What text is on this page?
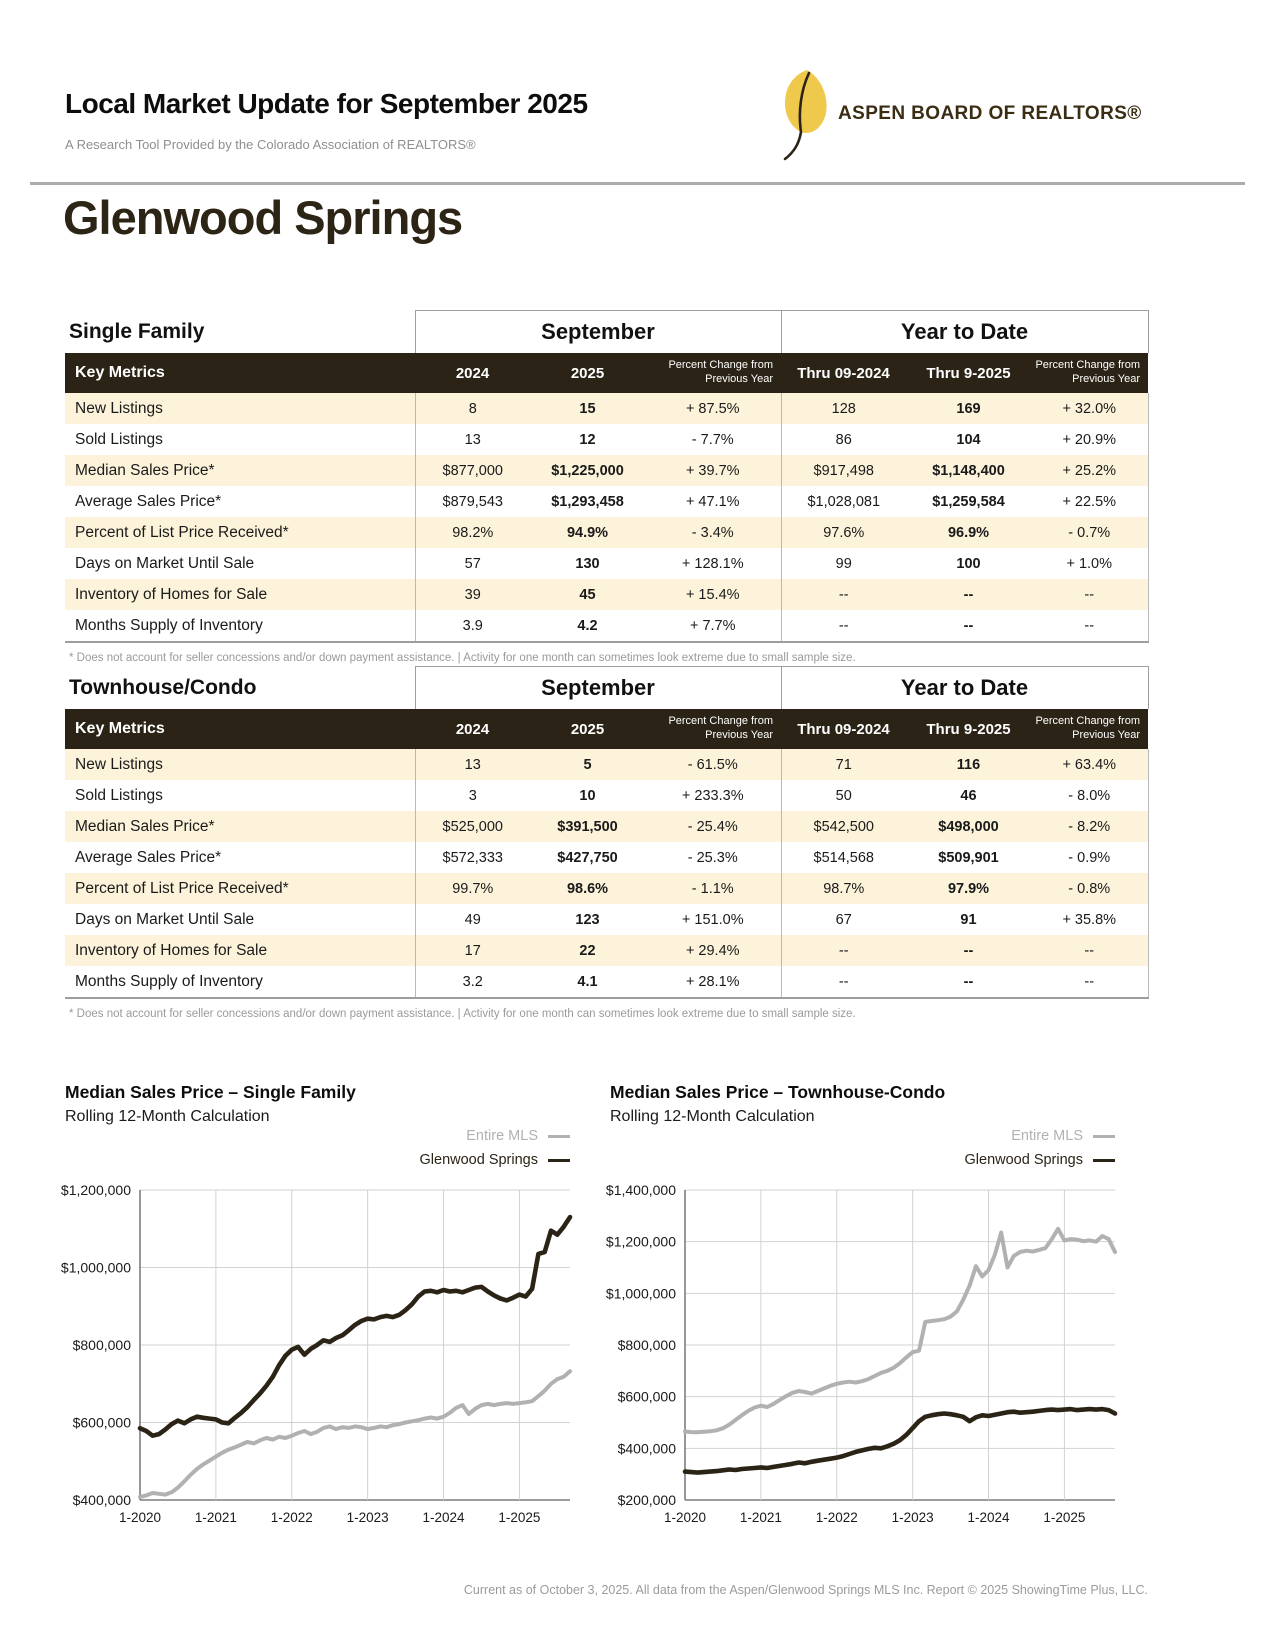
Local Market Update for September 2025
A Research Tool Provided by the Colorado Association of REALTORS®
ASPEN BOARD OF REALTORS®
Glenwood Springs
Single Family	September			Year to Date		
Key Metrics	2024	2025	Percent Change from Previous Year	Thru 09-2024	Thru 9-2025	Percent Change from Previous Year
New Listings	8	15	+ 87.5%	128	169	+ 32.0%
Sold Listings	13	12	- 7.7%	86	104	+ 20.9%
Median Sales Price*	$877,000	$1,225,000	+ 39.7%	$917,498	$1,148,400	+ 25.2%
Average Sales Price*	$879,543	$1,293,458	+ 47.1%	$1,028,081	$1,259,584	+ 22.5%
Percent of List Price Received*	98.2%	94.9%	- 3.4%	97.6%	96.9%	- 0.7%
Days on Market Until Sale	57	130	+ 128.1%	99	100	+ 1.0%
Inventory of Homes for Sale	39	45	+ 15.4%	--	--	--
Months Supply of Inventory	3.9	4.2	+ 7.7%	--	--	--
* Does not account for seller concessions and/or down payment assistance. | Activity for one month can sometimes look extreme due to small sample size.
Townhouse/Condo	September			Year to Date		
Key Metrics	2024	2025	Percent Change from Previous Year	Thru 09-2024	Thru 9-2025	Percent Change from Previous Year
New Listings	13	5	- 61.5%	71	116	+ 63.4%
Sold Listings	3	10	+ 233.3%	50	46	- 8.0%
Median Sales Price*	$525,000	$391,500	- 25.4%	$542,500	$498,000	- 8.2%
Average Sales Price*	$572,333	$427,750	- 25.3%	$514,568	$509,901	- 0.9%
Percent of List Price Received*	99.7%	98.6%	- 1.1%	98.7%	97.9%	- 0.8%
Days on Market Until Sale	49	123	+ 151.0%	67	91	+ 35.8%
Inventory of Homes for Sale	17	22	+ 29.4%	--	--	--
Months Supply of Inventory	3.2	4.1	+ 28.1%	--	--	--
* Does not account for seller concessions and/or down payment assistance. | Activity for one month can sometimes look extreme due to small sample size.
Median Sales Price – Single Family
Rolling 12-Month Calculation
Entire MLS
Glenwood Springs
$1,200,000
$1,000,000
$800,000
$600,000
$400,000
1-2020	1-2021	1-2022	1-2023	1-2024	1-2025
Median Sales Price – Townhouse-Condo
Rolling 12-Month Calculation
Entire MLS
Glenwood Springs
$1,400,000
$1,200,000
$1,000,000
$800,000
$600,000
$400,000
$200,000
1-2020	1-2021	1-2022	1-2023	1-2024	1-2025
Current as of October 3, 2025. All data from the Aspen/Glenwood Springs MLS Inc. Report © 2025 ShowingTime Plus, LLC.
